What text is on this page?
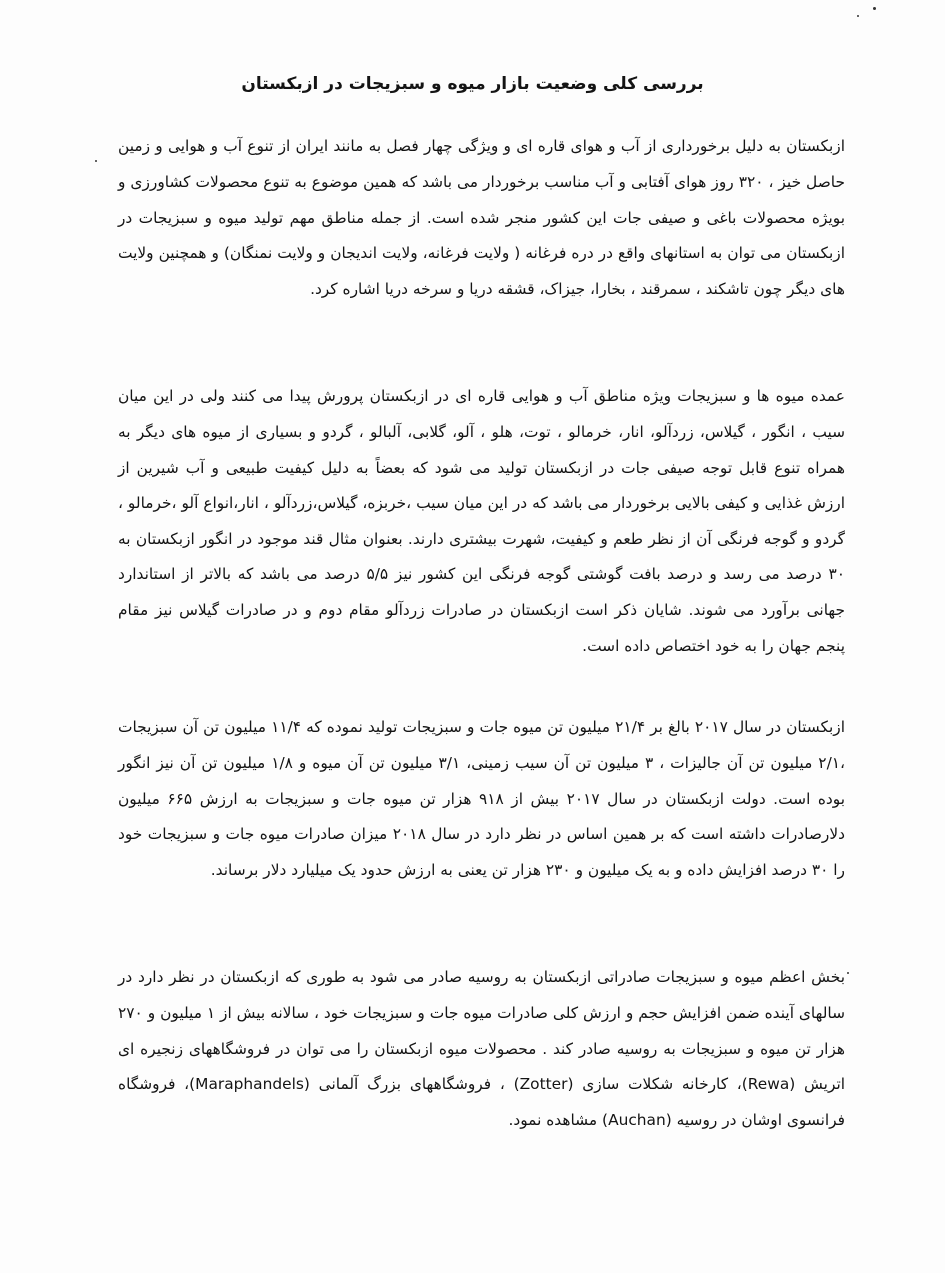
بررسی کلی وضعیت بازار میوه و سبزیجات در ازبکستان

ازبکستان به دلیل برخورداری از آب و هوای قاره ای و ویژگی چهار فصل به مانند ایران از تنوع آب و هوایی و زمین حاصل خیز ، ۳۲۰ روز هوای آفتابی و آب مناسب برخوردار می باشد که همین موضوع به تنوع محصولات کشاورزی و بویژه محصولات باغی و صیفی جات این کشور منجر شده است. از جمله مناطق مهم تولید میوه و سبزیجات در ازبکستان می توان به استانهای واقع در دره فرغانه ( ولایت فرغانه، ولایت اندیجان و ولایت نمنگان) و همچنین ولایت های دیگر چون تاشکند ، سمرقند ، بخارا، جیزاک، قشقه دریا و سرخه دریا اشاره کرد.

عمده میوه ها و سبزیجات ویژه مناطق آب و هوایی قاره ای در ازبکستان پرورش پیدا می کنند ولی در این میان سیب ، انگور ، گیلاس، زردآلو، انار، خرمالو ، توت، هلو ، آلو، گلابی، آلبالو ، گردو و بسیاری از میوه های دیگر به همراه تنوع قابل توجه صیفی جات در ازبکستان تولید می شود که بعضاً به دلیل کیفیت طبیعی و آب شیرین از ارزش غذایی و کیفی بالایی برخوردار می باشد که در این میان سیب ،خربزه، گیلاس،زردآلو ، انار،انواع آلو ،خرمالو ، گردو و گوجه فرنگی آن از نظر طعم و کیفیت، شهرت بیشتری دارند. بعنوان مثال قند موجود در انگور ازبکستان به ۳۰ درصد می رسد و درصد بافت گوشتی گوجه فرنگی این کشور نیز ۵/۵ درصد می باشد که بالاتر از استاندارد جهانی برآورد می شوند. شایان ذکر است ازبکستان در صادرات زردآلو مقام دوم و در صادرات گیلاس نیز مقام پنجم جهان را به خود اختصاص داده است.

ازبکستان در سال ۲۰۱۷ بالغ بر ۲۱/۴ میلیون تن میوه جات و سبزیجات تولید نموده که ۱۱/۴ میلیون تن آن سبزیجات ،۲/۱ میلیون تن آن جالیزات ، ۳ میلیون تن آن سیب زمینی، ۳/۱ میلیون تن آن میوه و ۱/۸ میلیون تن آن نیز انگور بوده است. دولت ازبکستان در سال ۲۰۱۷ بیش از ۹۱۸ هزار تن میوه جات و سبزیجات به ارزش ۶۶۵ میلیون دلارصادرات داشته است که بر همین اساس در نظر دارد در سال ۲۰۱۸ میزان صادرات میوه جات و سبزیجات خود را ۳۰ درصد افزایش داده و به یک میلیون و ۲۳۰ هزار تن یعنی به ارزش حدود یک میلیارد دلار برساند.

بخش اعظم میوه و سبزیجات صادراتی ازبکستان به روسیه صادر می شود به طوری که ازبکستان در نظر دارد در سالهای آینده ضمن افزایش حجم و ارزش کلی صادرات میوه جات و سبزیجات خود ، سالانه بیش از ۱ میلیون و ۲۷۰ هزار تن میوه و سبزیجات به روسیه صادر کند . محصولات میوه ازبکستان را می توان در فروشگاههای زنجیره ای اتریش (Rewa)، کارخانه شکلات سازی (Zotter) ، فروشگاههای بزرگ آلمانی (Maraphandels)، فروشگاه فرانسوی اوشان در روسیه (Auchan) مشاهده نمود.
